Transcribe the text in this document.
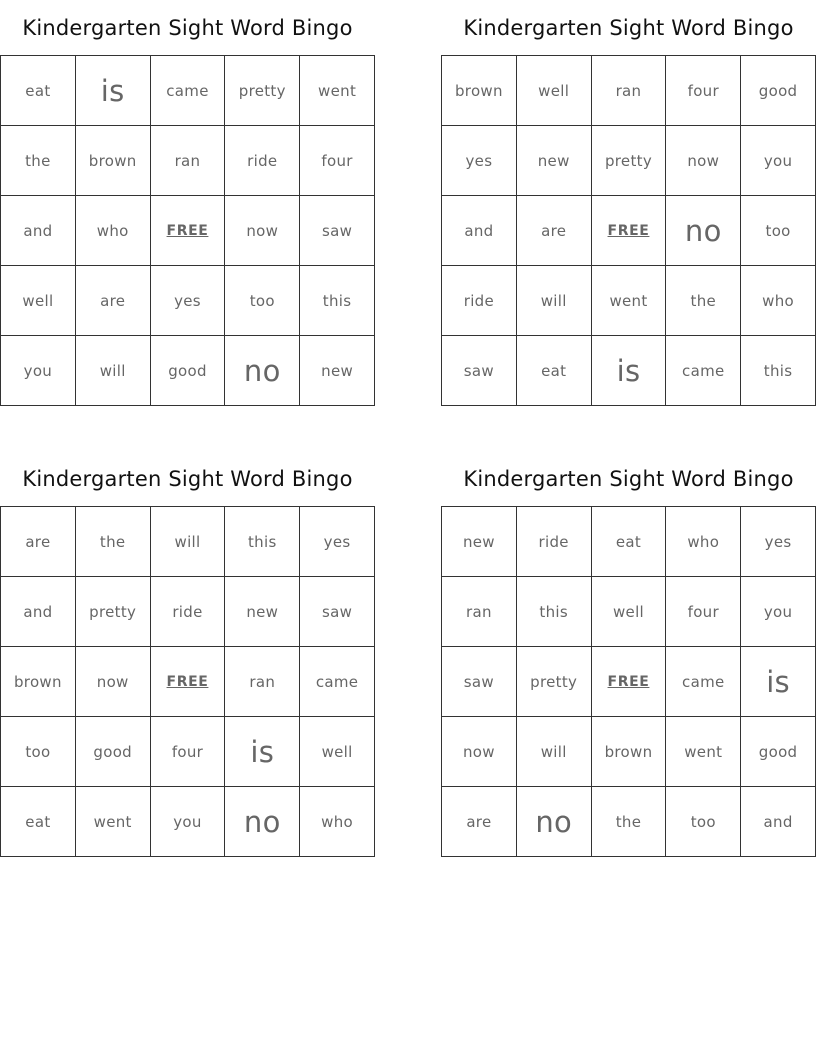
Kindergarten Sight Word Bingo
eat	is	came	pretty	went
the	brown	ran	ride	four
and	who	FREE	now	saw
well	are	yes	too	this
you	will	good	no	new
Kindergarten Sight Word Bingo
brown	well	ran	four	good
yes	new	pretty	now	you
and	are	FREE	no	too
ride	will	went	the	who
saw	eat	is	came	this
Kindergarten Sight Word Bingo
are	the	will	this	yes
and	pretty	ride	new	saw
brown	now	FREE	ran	came
too	good	four	is	well
eat	went	you	no	who
Kindergarten Sight Word Bingo
new	ride	eat	who	yes
ran	this	well	four	you
saw	pretty	FREE	came	is
now	will	brown	went	good
are	no	the	too	and
